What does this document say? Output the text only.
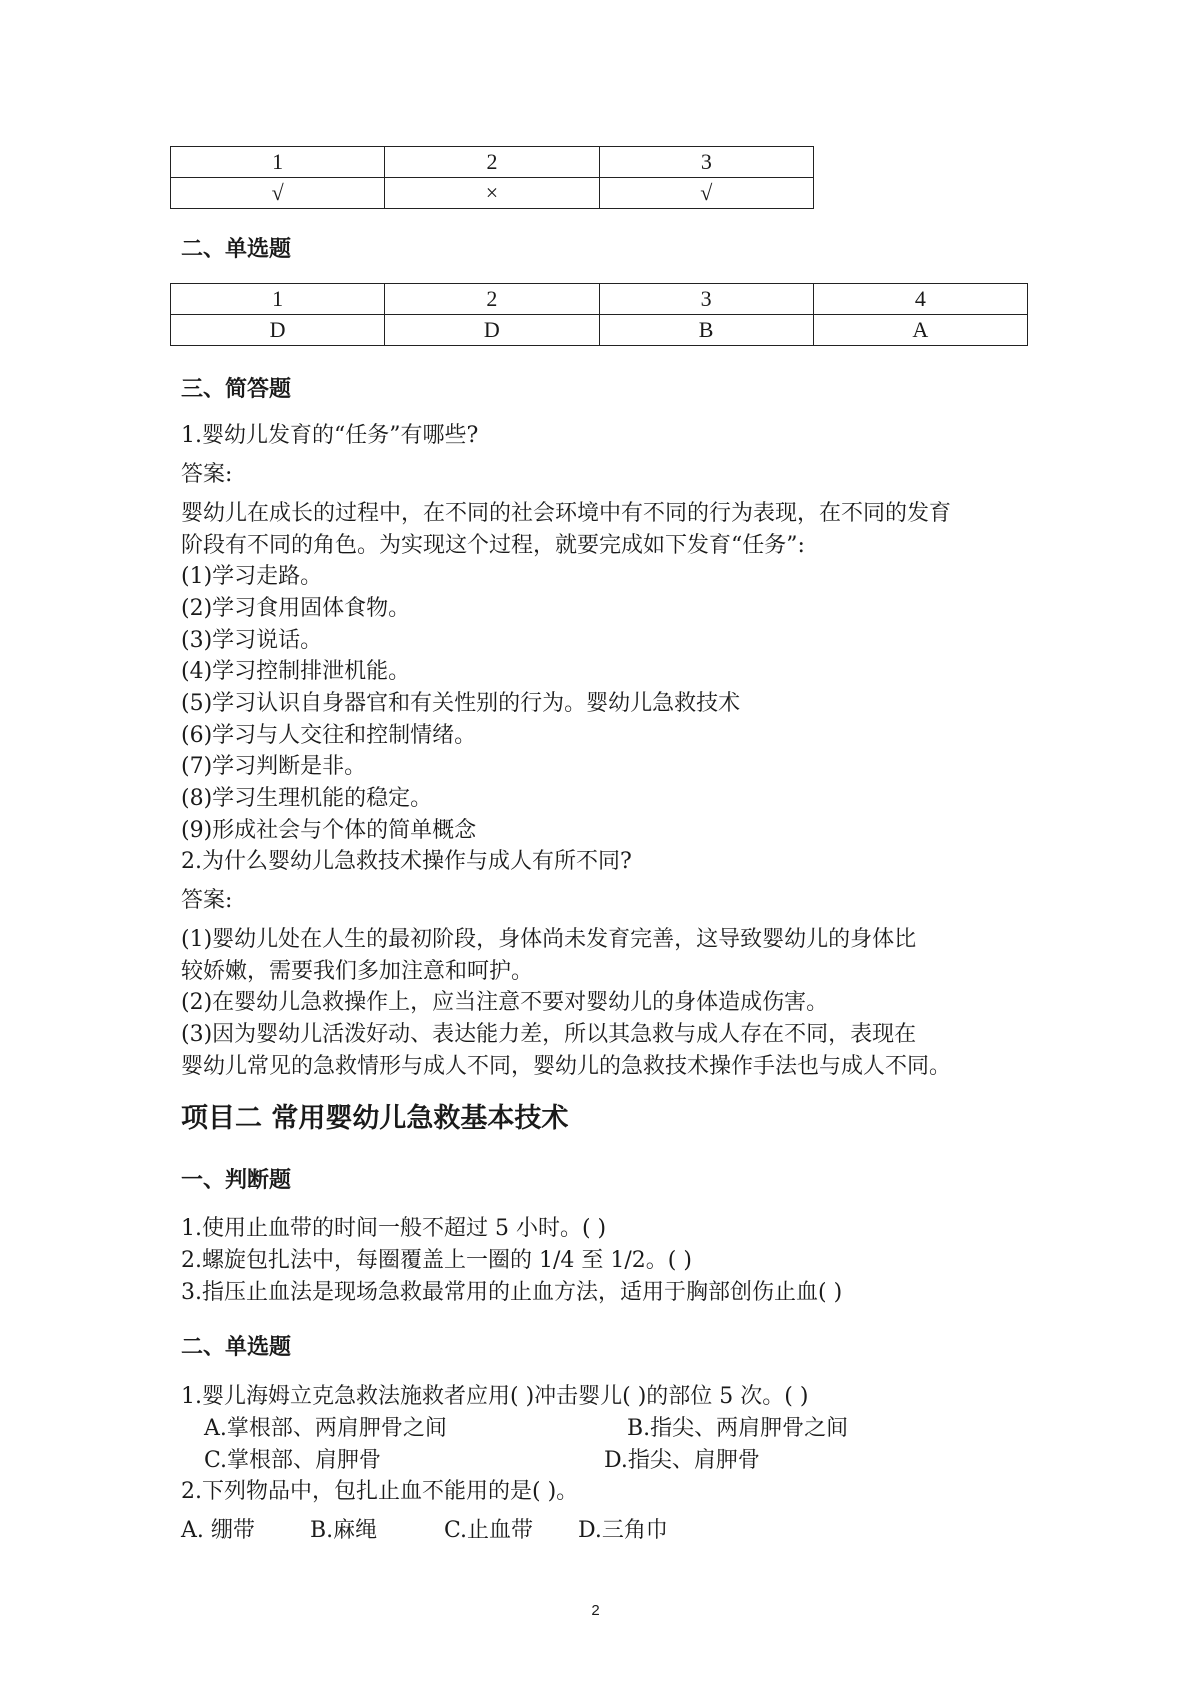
1	2	3
√	×	√
二、单选题
1	2	3	4
D	D	B	A
三、简答题
1.婴幼儿发育的“任务”有哪些?
答案:
婴幼儿在成长的过程中，在不同的社会环境中有不同的行为表现，在不同的发育
阶段有不同的角色。为实现这个过程，就要完成如下发育“任务”:
(1)学习走路。
(2)学习食用固体食物。
(3)学习说话。
(4)学习控制排泄机能。
(5)学习认识自身器官和有关性别的行为。婴幼儿急救技术
(6)学习与人交往和控制情绪。
(7)学习判断是非。
(8)学习生理机能的稳定。
(9)形成社会与个体的简单概念
2.为什么婴幼儿急救技术操作与成人有所不同?
答案:
(1)婴幼儿处在人生的最初阶段，身体尚未发育完善，这导致婴幼儿的身体比
较娇嫩，需要我们多加注意和呵护。
(2)在婴幼儿急救操作上，应当注意不要对婴幼儿的身体造成伤害。
(3)因为婴幼儿活泼好动、表达能力差，所以其急救与成人存在不同，表现在
婴幼儿常见的急救情形与成人不同，婴幼儿的急救技术操作手法也与成人不同。
项目二 常用婴幼儿急救基本技术
一、判断题
1.使用止血带的时间一般不超过 5 小时。( )
2.螺旋包扎法中，每圈覆盖上一圈的 1/4 至 1/2。( )
3.指压止血法是现场急救最常用的止血方法，适用于胸部创伤止血( )
二、单选题
1.婴儿海姆立克急救法施救者应用( )冲击婴儿( )的部位 5 次。( )
A.掌根部、两肩胛骨之间	B.指尖、两肩胛骨之间
C.掌根部、肩胛骨	D.指尖、肩胛骨
2.下列物品中，包扎止血不能用的是( )。
A. 绷带	B.麻绳	C.止血带 D.三角巾
2
